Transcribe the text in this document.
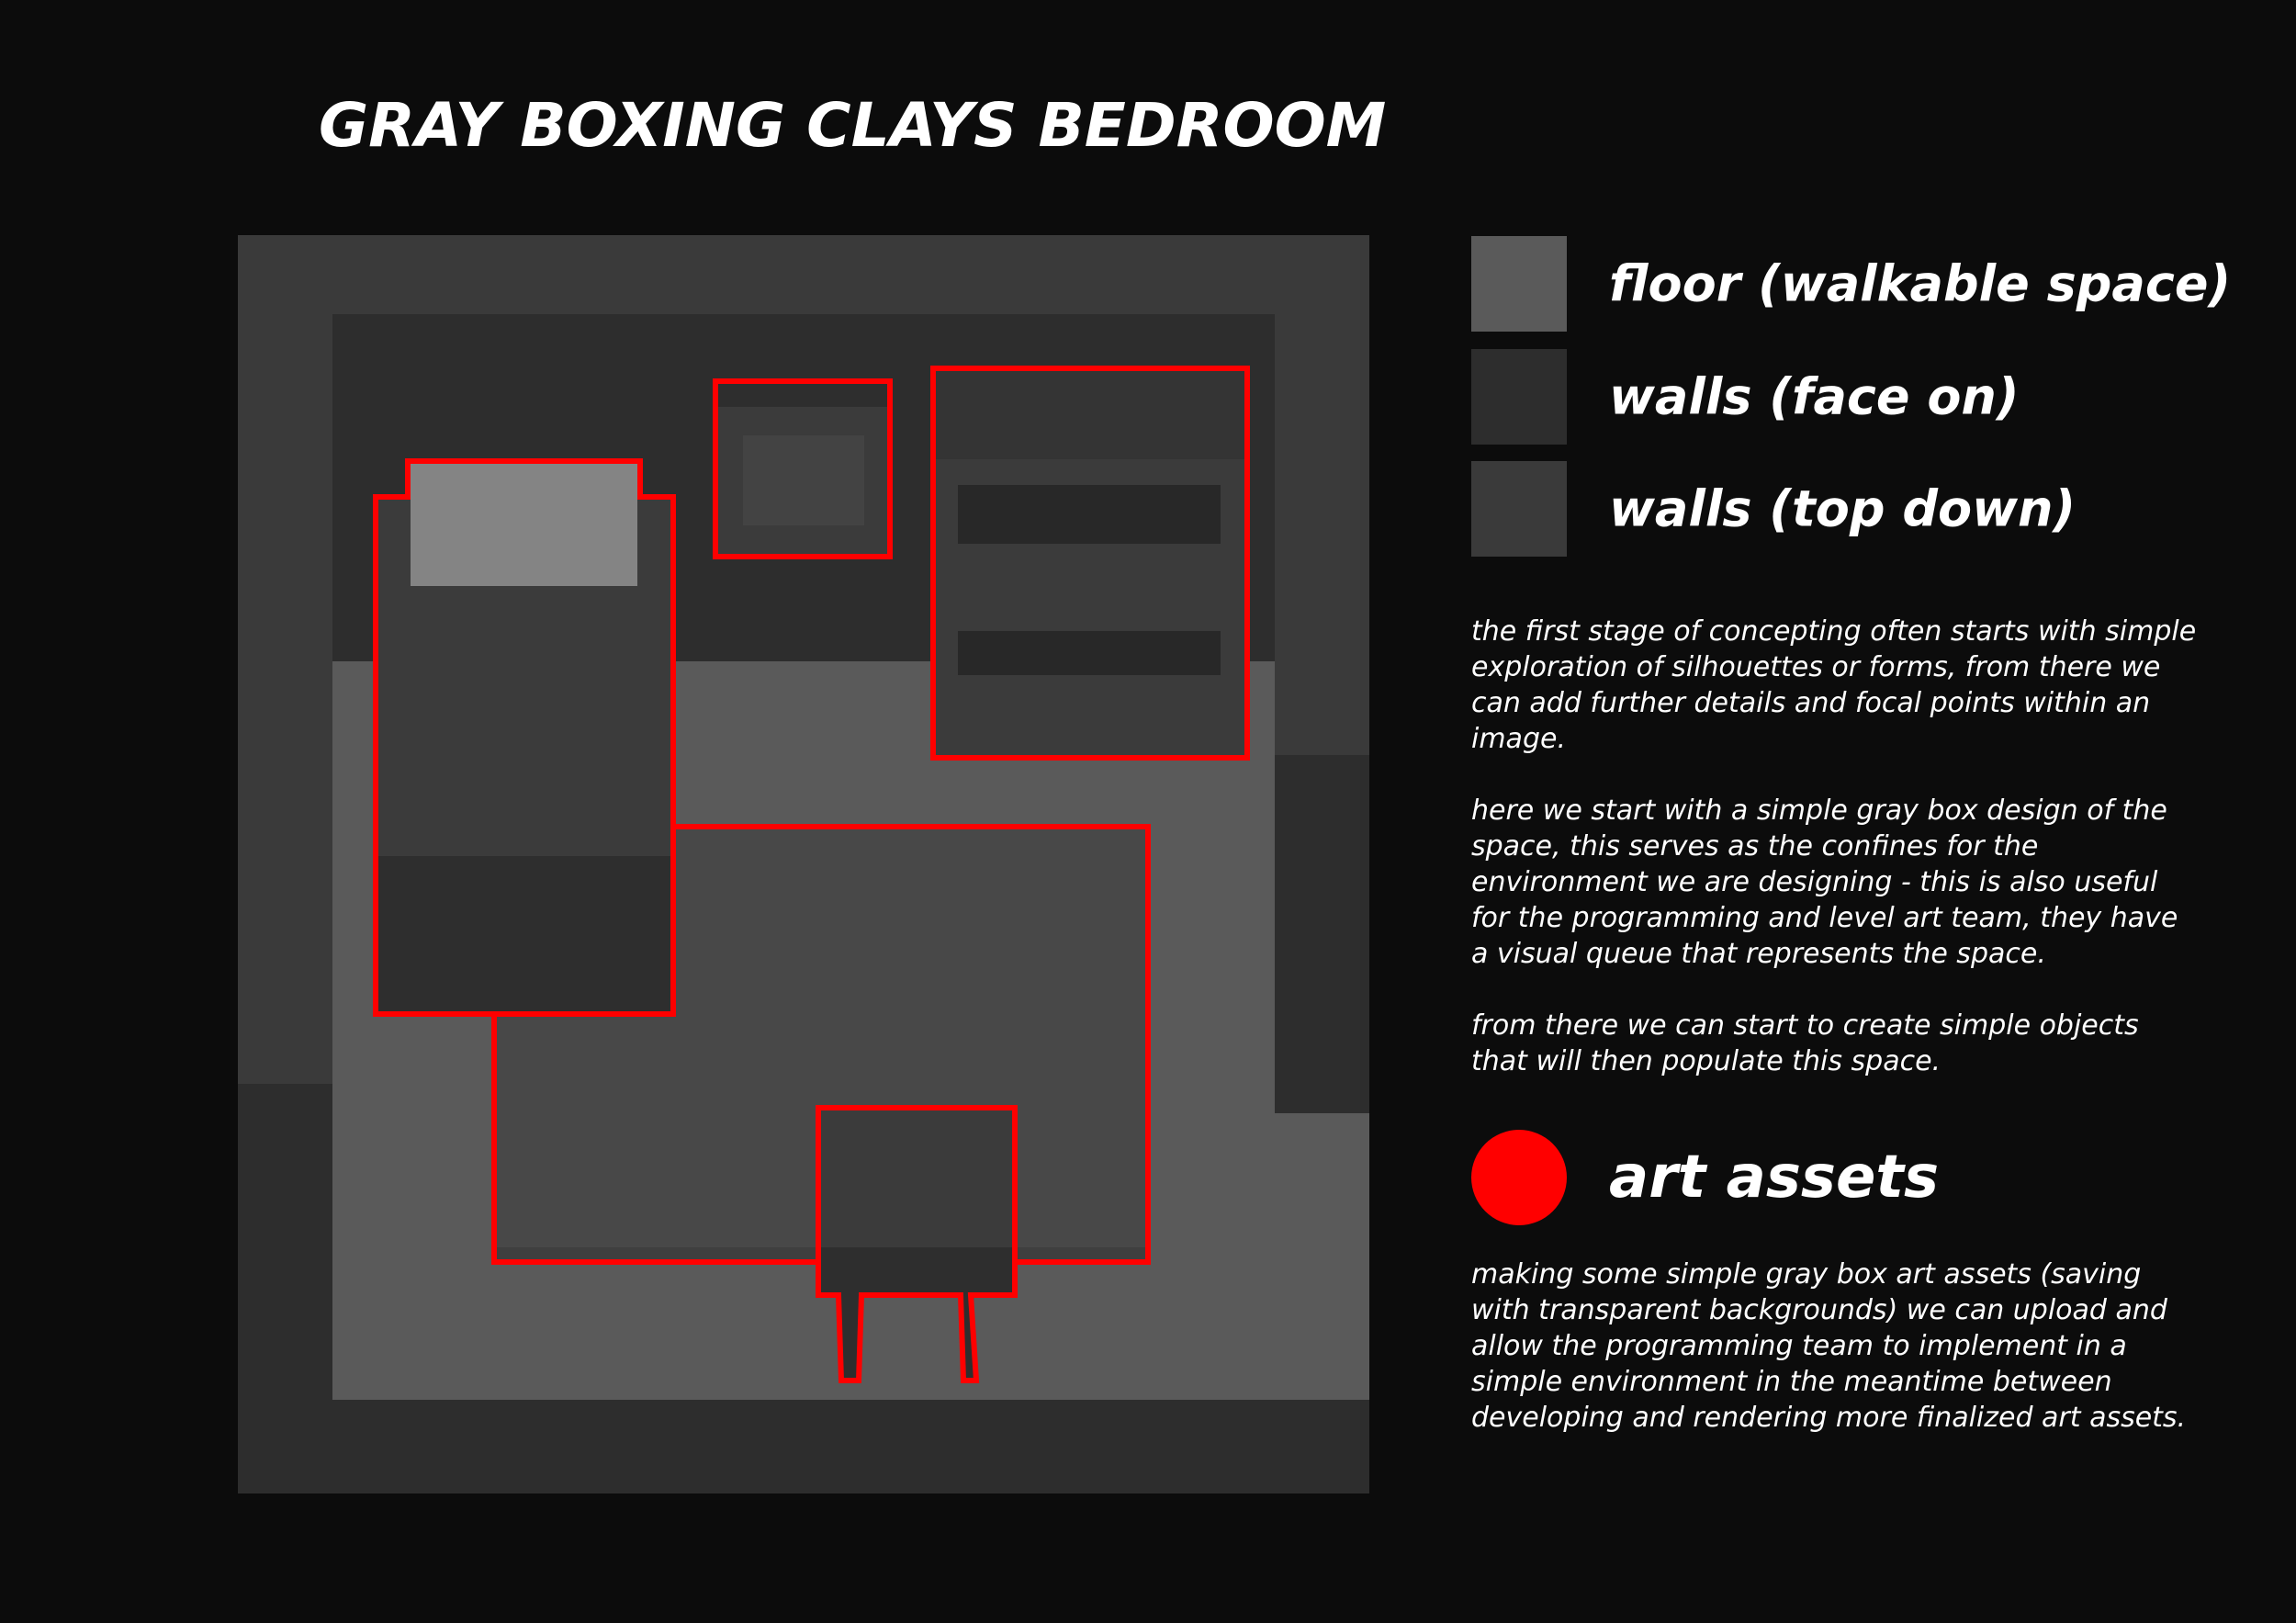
GRAY BOXING CLAYS BEDROOM
floor (walkable space)
walls (face on)
walls (top down)

the first stage of concepting often starts with simple exploration of silhouettes or forms, from there we can add further details and focal points within an image.

here we start with a simple gray box design of the space, this serves as the confines for the environment we are designing - this is also useful for the programming and level art team, they have a visual queue that represents the space.

from there we can start to create simple objects that will then populate this space.

art assets

making some simple gray box art assets (saving with transparent backgrounds) we can upload and allow the programming team to implement in a simple environment in the meantime between developing and rendering more finalized art assets.
